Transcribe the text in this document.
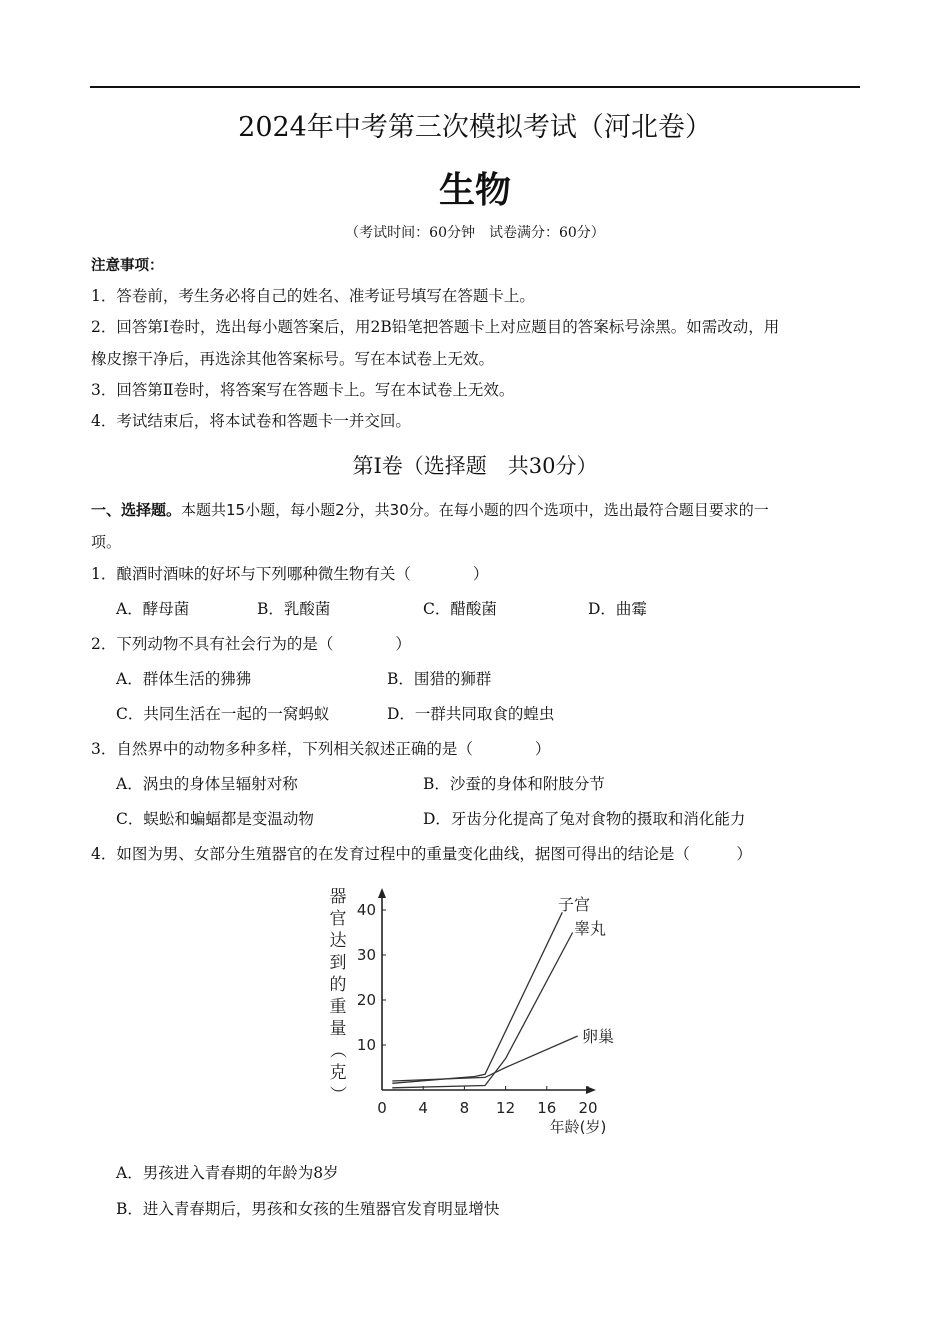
2024年中考第三次模拟考试（河北卷）
生物
（考试时间：60分钟　试卷满分：60分）
注意事项：
1．答卷前，考生务必将自己的姓名、准考证号填写在答题卡上。
2．回答第Ⅰ卷时，选出每小题答案后，用2B铅笔把答题卡上对应题目的答案标号涂黑。如需改动，用
橡皮擦干净后，再选涂其他答案标号。写在本试卷上无效。
3．回答第Ⅱ卷时，将答案写在答题卡上。写在本试卷上无效。
4．考试结束后，将本试卷和答题卡一并交回。
第Ⅰ卷（选择题　共30分）
一、选择题。本题共15小题，每小题2分，共30分。在每小题的四个选项中，选出最符合题目要求的一
项。
1．酿酒时酒味的好坏与下列哪种微生物有关（　　　　）
A．酵母菌	B．乳酸菌	C．醋酸菌	D．曲霉
2．下列动物不具有社会行为的是（　　　　）
A．群体生活的狒狒	B．围猎的狮群
C．共同生活在一起的一窝蚂蚁	D．一群共同取食的蝗虫
3．自然界中的动物多种多样，下列相关叙述正确的是（　　　　）
A．涡虫的身体呈辐射对称	B．沙蚕的身体和附肢分节
C．蜈蚣和蝙蝠都是变温动物	D．牙齿分化提高了兔对食物的摄取和消化能力
4．如图为男、女部分生殖器官的在发育过程中的重量变化曲线，据图可得出的结论是（　　　）
器
官
达
到
的
重
量
（
克
）
0 4 8 12 16 20
10
20
30
40	子宫
睾丸
卵巢
年龄(岁)
A．男孩进入青春期的年龄为8岁
B．进入青春期后，男孩和女孩的生殖器官发育明显增快
